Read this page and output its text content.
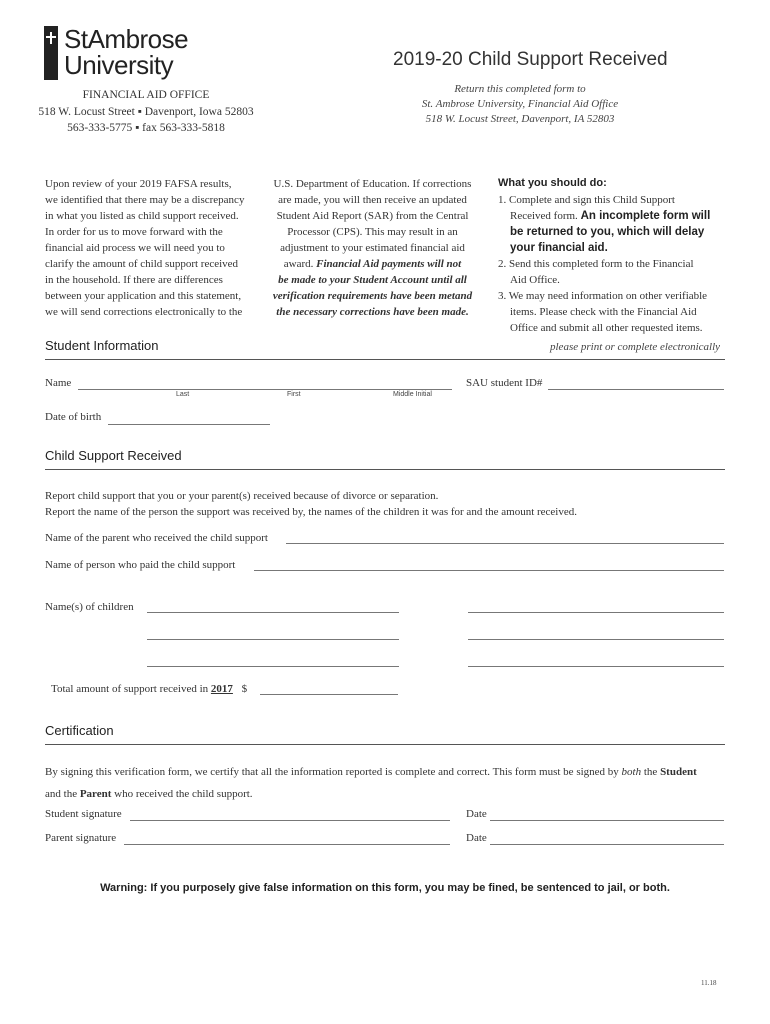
StAmbrose
University
FINANCIAL AID OFFICE
518 W. Locust Street ▪ Davenport, Iowa 52803
563-333-5775 ▪ fax 563-333-5818
2019-20 Child Support Received
Return this completed form to
St. Ambrose University, Financial Aid Office
518 W. Locust Street, Davenport, IA 52803
Upon review of your 2019 FAFSA results,
we identified that there may be a discrepancy
in what you listed as child support received.
In order for us to move forward with the
financial aid process we will need you to
clarify the amount of child support received
in the household. If there are differences
between your application and this statement,
we will send corrections electronically to the
U.S. Department of Education. If corrections
are made, you will then receive an updated
Student Aid Report (SAR) from the Central
Processor (CPS). This may result in an
adjustment to your estimated financial aid
award. Financial Aid payments will not
be made to your Student Account until all
verification requirements have been metand
the necessary corrections have been made.
What you should do:
1. Complete and sign this Child Support
Received form. An incomplete form will
be returned to you, which will delay
your financial aid.
2. Send this completed form to the Financial
Aid Office.
3. We may need information on other verifiable
items. Please check with the Financial Aid
Office and submit all other requested items.
Student Information	please print or complete electronically
Name
Last	First	Middle Initial
SAU student ID#
Date of birth
Child Support Received
Report child support that you or your parent(s) received because of divorce or separation.
Report the name of the person the support was received by, the names of the children it was for and the amount received.
Name of the parent who received the child support
Name of person who paid the child support
Name(s) of children
Total amount of support received in 2017 $
Certification
By signing this verification form, we certify that all the information reported is complete and correct. This form must be signed by both the Student
and the Parent who received the child support.
Student signature	Date
Parent signature	Date
Warning: If you purposely give false information on this form, you may be fined, be sentenced to jail, or both.
11.18
